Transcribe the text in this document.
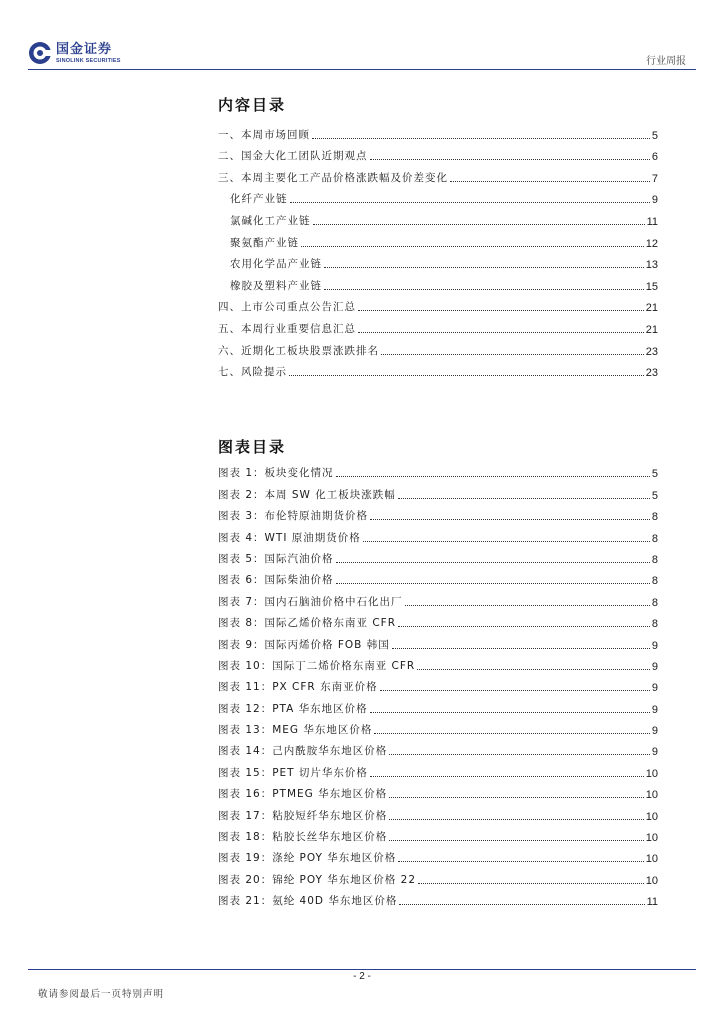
国金证券
SINOLINK SECURITIES	行业周报
内容目录
一、本周市场回顾	5
二、国金大化工团队近期观点	6
三、本周主要化工产品价格涨跌幅及价差变化	7
化纤产业链	9
氯碱化工产业链	11
聚氨酯产业链	12
农用化学品产业链	13
橡胶及塑料产业链	15
四、上市公司重点公告汇总	21
五、本周行业重要信息汇总	21
六、近期化工板块股票涨跌排名	23
七、风险提示	23
图表目录
图表 1：板块变化情况	5
图表 2：本周 SW 化工板块涨跌幅	5
图表 3：布伦特原油期货价格	8
图表 4：WTI 原油期货价格	8
图表 5：国际汽油价格	8
图表 6：国际柴油价格	8
图表 7：国内石脑油价格中石化出厂	8
图表 8：国际乙烯价格东南亚 CFR	8
图表 9：国际丙烯价格 FOB 韩国	9
图表 10：国际丁二烯价格东南亚 CFR	9
图表 11：PX CFR 东南亚价格	9
图表 12：PTA 华东地区价格	9
图表 13：MEG 华东地区价格	9
图表 14：己内酰胺华东地区价格	9
图表 15：PET 切片华东价格	10
图表 16：PTMEG 华东地区价格	10
图表 17：粘胶短纤华东地区价格	10
图表 18：粘胶长丝华东地区价格	10
图表 19：涤纶 POY 华东地区价格	10
图表 20：锦纶 POY 华东地区价格 22	10
图表 21：氨纶 40D 华东地区价格	11
- 2 -
敬请参阅最后一页特别声明
